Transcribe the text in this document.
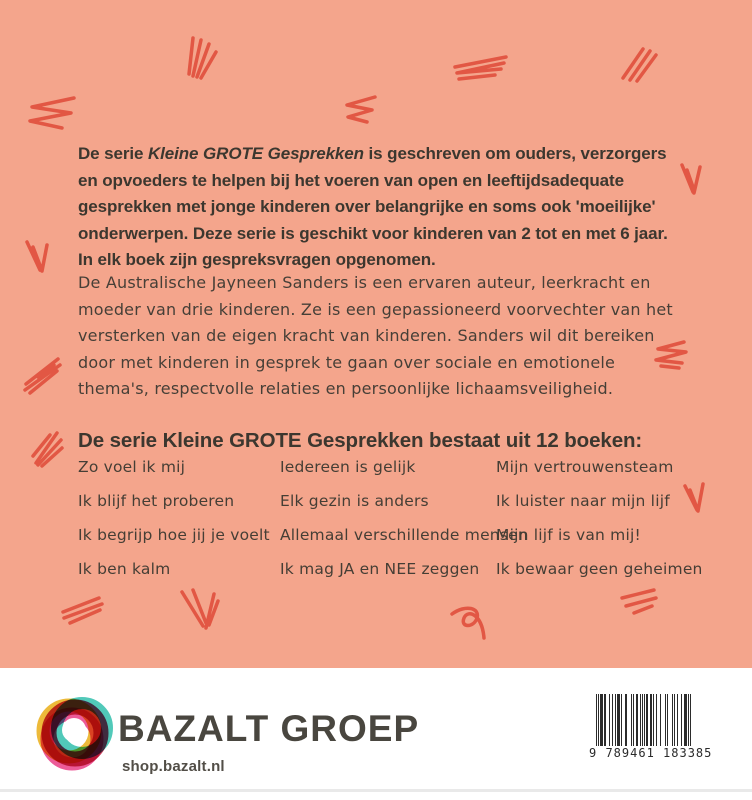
De serie Kleine GROTE Gesprekken is geschreven om ouders, verzorgers en opvoeders te helpen bij het voeren van open en leeftijdsadequate gesprekken met jonge kinderen over belangrijke en soms ook 'moeilijke' onderwerpen. Deze serie is geschikt voor kinderen van 2 tot en met 6 jaar. In elk boek zijn gespreksvragen opgenomen.

De Australische Jayneen Sanders is een ervaren auteur, leerkracht en moeder van drie kinderen. Ze is een gepassioneerd voorvechter van het versterken van de eigen kracht van kinderen. Sanders wil dit bereiken door met kinderen in gesprek te gaan over sociale en emotionele thema's, respectvolle relaties en persoonlijke lichaamsveiligheid.

De serie Kleine GROTE Gesprekken bestaat uit 12 boeken:
Zo voel ik mij
Ik blijf het proberen
Ik begrijp hoe jij je voelt
Ik ben kalm
Iedereen is gelijk
Elk gezin is anders
Allemaal verschillende mensen
Ik mag JA en NEE zeggen
Mijn vertrouwensteam
Ik luister naar mijn lijf
Mijn lijf is van mij!
Ik bewaar geen geheimen
BAZALT GROEP
shop.bazalt.nl
9 789461 183385
